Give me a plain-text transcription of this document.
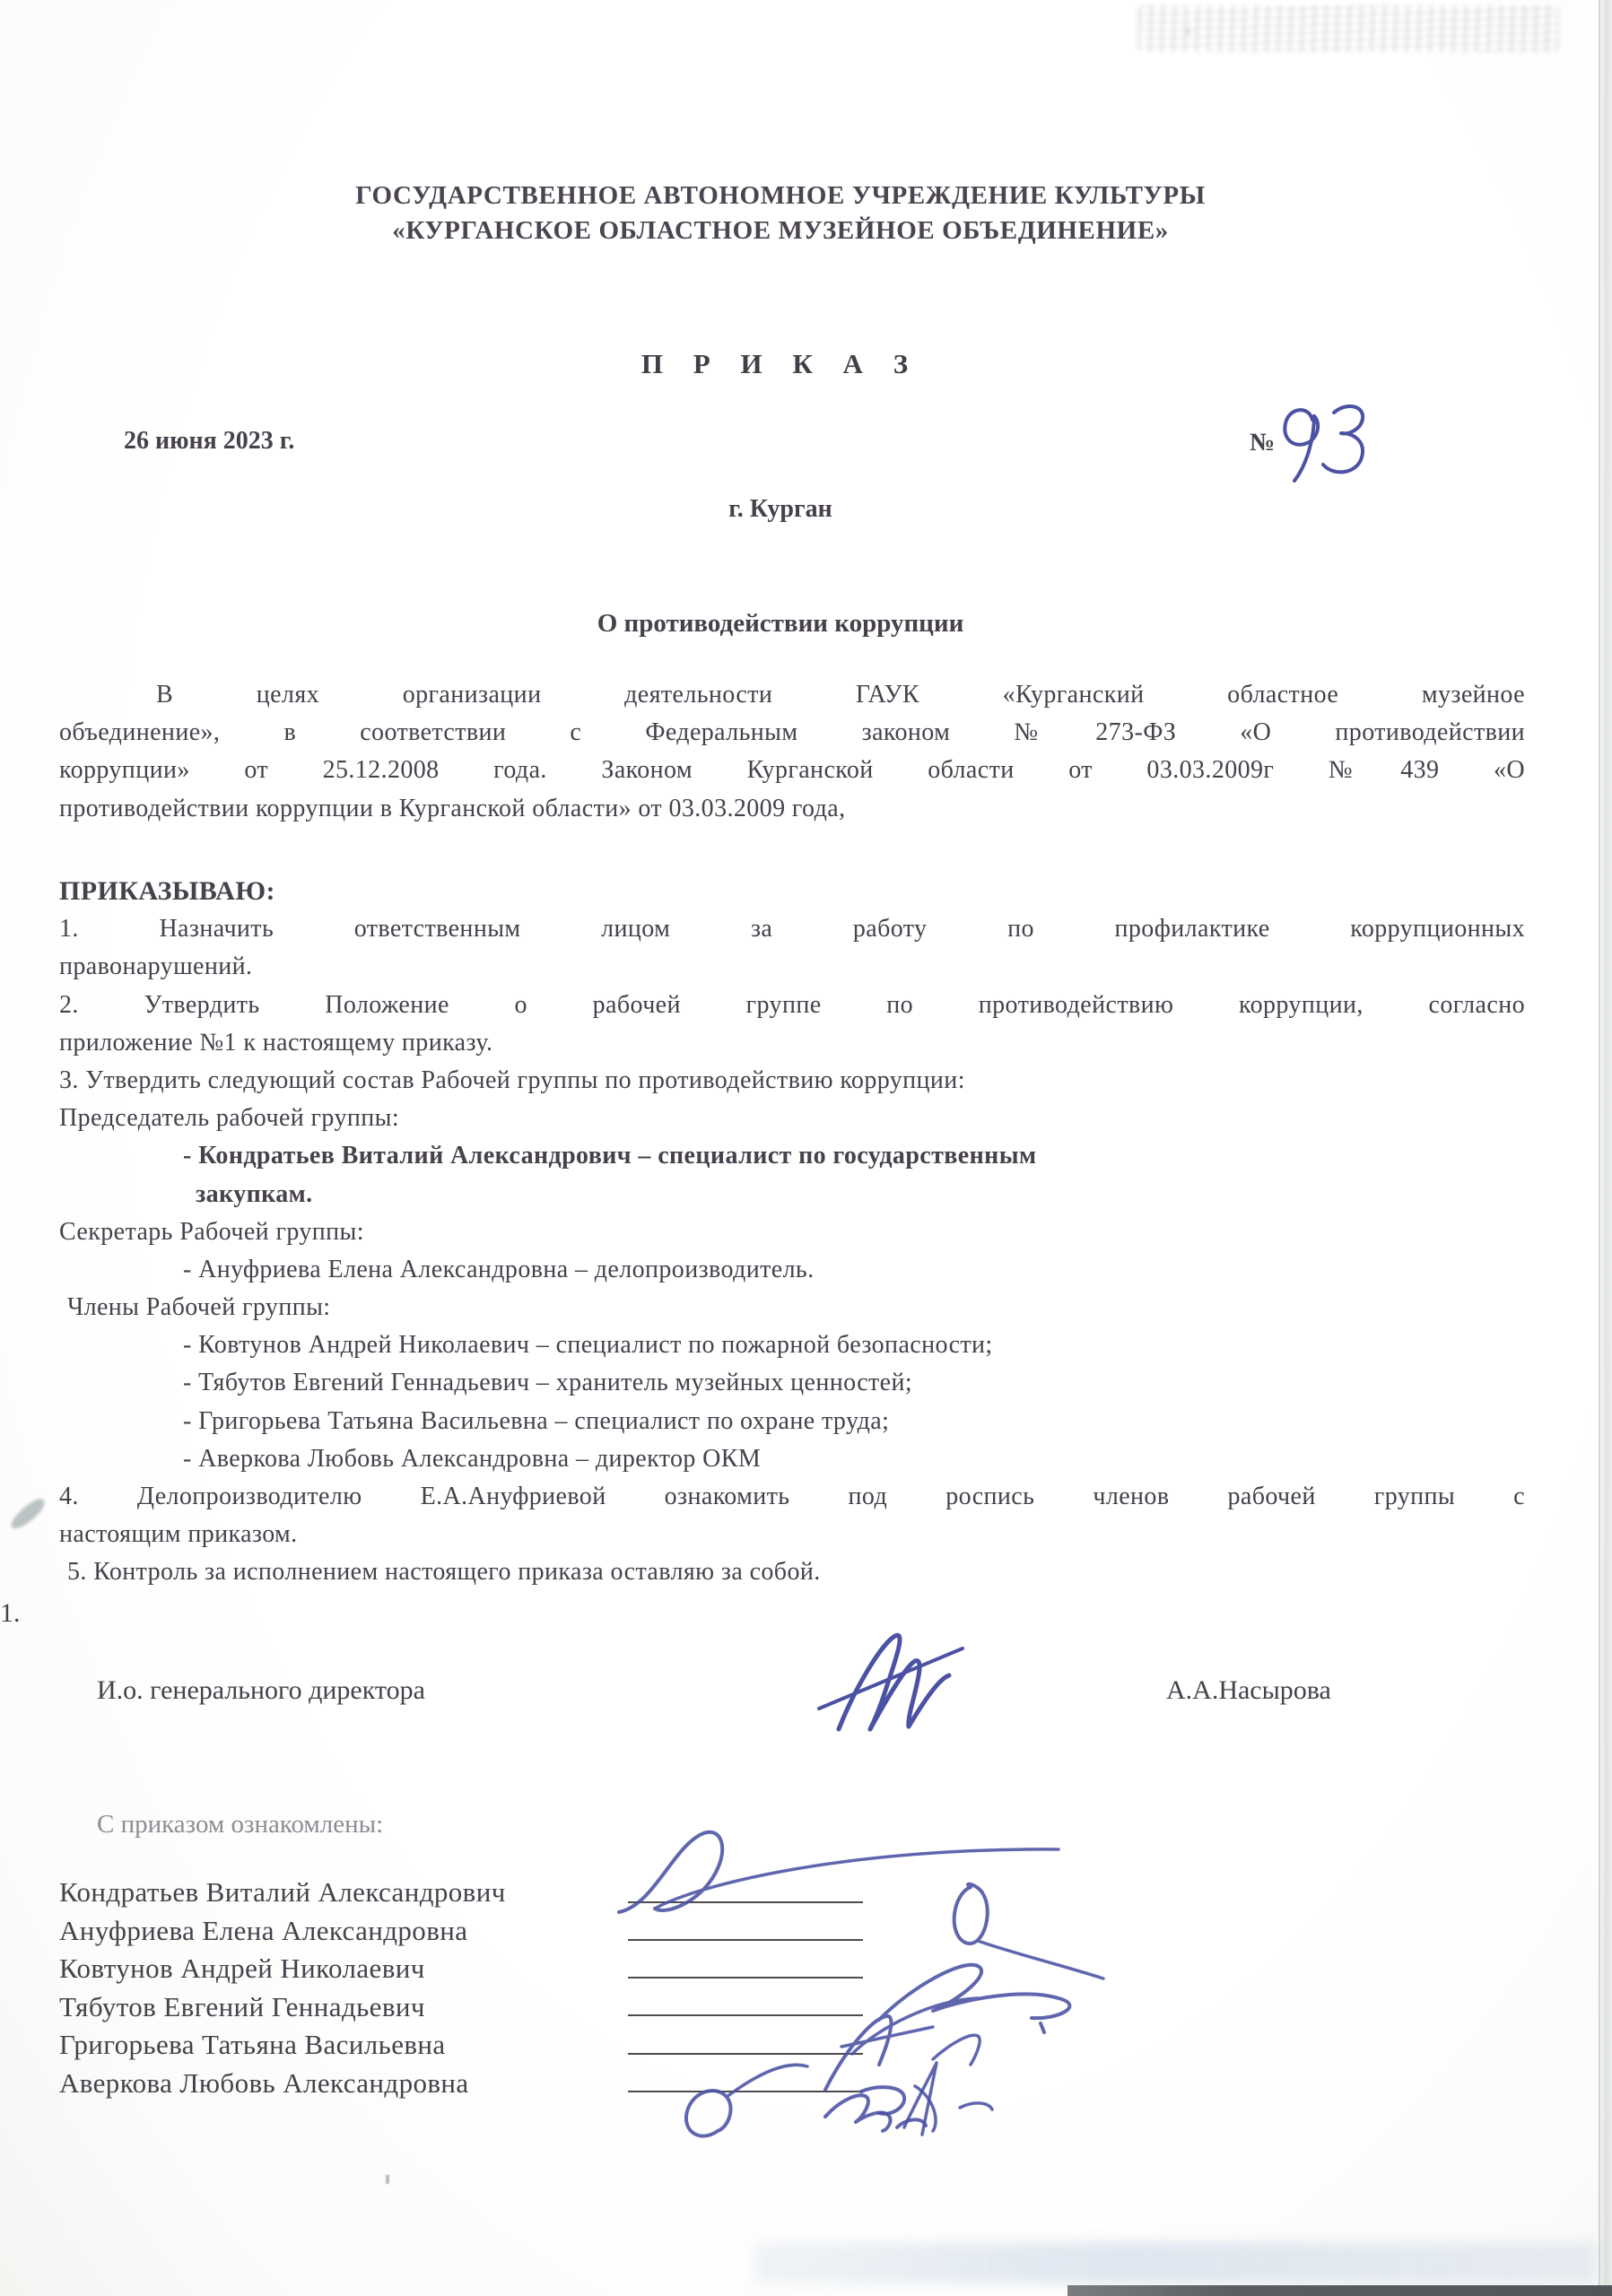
ГОСУДАРСТВЕННОЕ АВТОНОМНОЕ УЧРЕЖДЕНИЕ КУЛЬТУРЫ
«КУРГАНСКОЕ ОБЛАСТНОЕ МУЗЕЙНОЕ ОБЪЕДИНЕНИЕ»
П Р И К А З
26 июня 2023 г.	№
г. Курган
О противодействии коррупции
В целях организации деятельности ГАУК «Курганский областное музейное
объединение», в соответствии с Федеральным законом №273-ФЗ «О противодействии
коррупции» от 25.12.2008 года. Законом Курганской области от 03.03.2009г №439 «О
противодействии коррупции в Курганской области» от 03.03.2009 года,
ПРИКАЗЫВАЮ:
1. Назначить ответственным лицом за работу по профилактике коррупционных
правонарушений.
2. Утвердить Положение о рабочей группе по противодействию коррупции, согласно
приложение №1 к настоящему приказу.
3. Утвердить следующий состав Рабочей группы по противодействию коррупции:
Председатель рабочей группы:
- Кондратьев Виталий Александрович – специалист по государственным
закупкам.
Секретарь Рабочей группы:
- Ануфриева Елена Александровна – делопроизводитель.
Члены Рабочей группы:
- Ковтунов Андрей Николаевич – специалист по пожарной безопасности;
- Тябутов Евгений Геннадьевич – хранитель музейных ценностей;
- Григорьева Татьяна Васильевна – специалист по охране труда;
- Аверкова Любовь Александровна – директор ОКМ
4. Делопроизводителю Е.А.Ануфриевой ознакомить под роспись членов рабочей группы с
настоящим приказом.
5. Контроль за исполнением настоящего приказа оставляю за собой.
1.
И.о. генерального директора	А.А.Насырова
С приказом ознакомлены:
Кондратьев Виталий Александрович
Ануфриева Елена Александровна
Ковтунов Андрей Николаевич
Тябутов Евгений Геннадьевич
Григорьева Татьяна Васильевна
Аверкова Любовь Александровна
